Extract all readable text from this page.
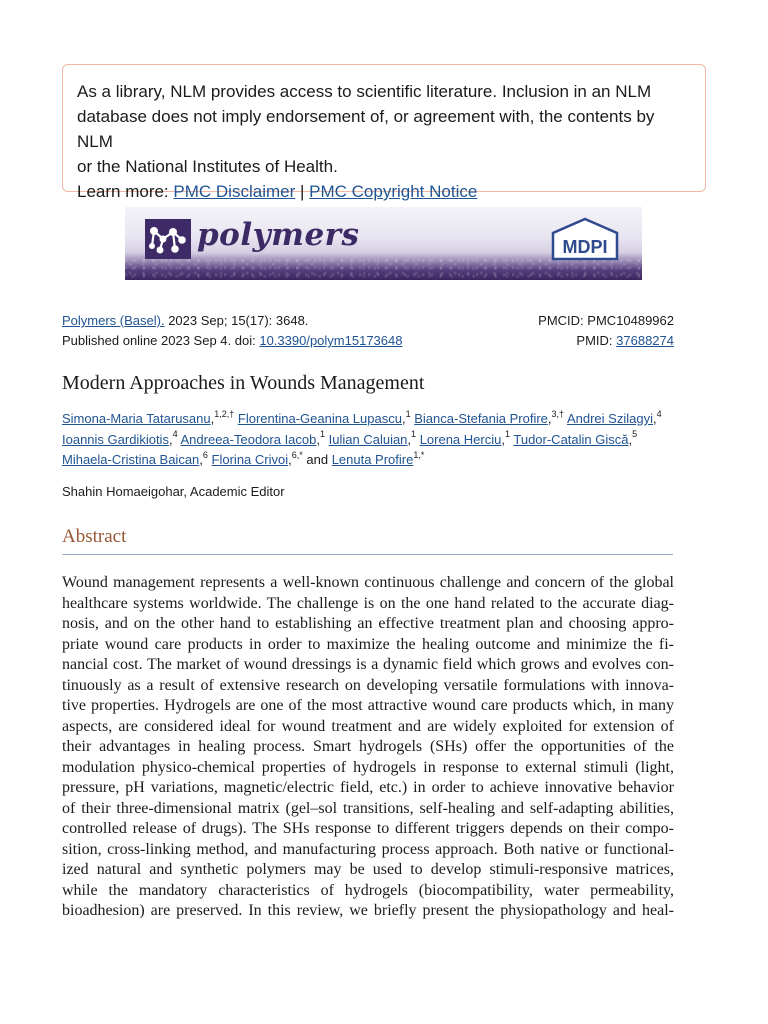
As a library, NLM provides access to scientific literature. Inclusion in an NLM
database does not imply endorsement of, or agreement with, the contents by NLM
or the National Institutes of Health.
Learn more: PMC Disclaimer | PMC Copyright Notice
polymers	MDPI
Polymers (Basel). 2023 Sep; 15(17): 3648.	PMCID: PMC10489962
Published online 2023 Sep 4. doi: 10.3390/polym15173648	PMID: 37688274
Modern Approaches in Wounds Management
Simona-Maria Tatarusanu,$^{1,2,\dagger}$ Florentina-Geanina Lupascu,$^1$ Bianca-Stefania Profire,$^{3,\dagger}$ Andrei Szilagyi,$^4$
Ioannis Gardikiotis,$^4$ Andreea-Teodora Iacob,$^1$ Iulian Caluian,$^1$ Lorena Herciu,$^1$ Tudor-Catalin Giscă,$^5$
Mihaela-Cristina Baican,$^6$ Florina Crivoi,$^{6,*}$ and Lenuta Profire$^{1,*}$
Shahin Homaeigohar, Academic Editor
Abstract
Wound management represents a well-known continuous challenge and concern of the global
healthcare systems worldwide. The challenge is on the one hand related to the accurate diag-
nosis, and on the other hand to establishing an effective treatment plan and choosing appro-
priate wound care products in order to maximize the healing outcome and minimize the fi-
nancial cost. The market of wound dressings is a dynamic field which grows and evolves con-
tinuously as a result of extensive research on developing versatile formulations with innova-
tive properties. Hydrogels are one of the most attractive wound care products which, in many
aspects, are considered ideal for wound treatment and are widely exploited for extension of
their advantages in healing process. Smart hydrogels (SHs) offer the opportunities of the
modulation physico-chemical properties of hydrogels in response to external stimuli (light,
pressure, pH variations, magnetic/electric field, etc.) in order to achieve innovative behavior
of their three-dimensional matrix (gel–sol transitions, self-healing and self-adapting abilities,
controlled release of drugs). The SHs response to different triggers depends on their compo-
sition, cross-linking method, and manufacturing process approach. Both native or functional-
ized natural and synthetic polymers may be used to develop stimuli-responsive matrices,
while the mandatory characteristics of hydrogels (biocompatibility, water permeability,
bioadhesion) are preserved. In this review, we briefly present the physiopathology and heal-
